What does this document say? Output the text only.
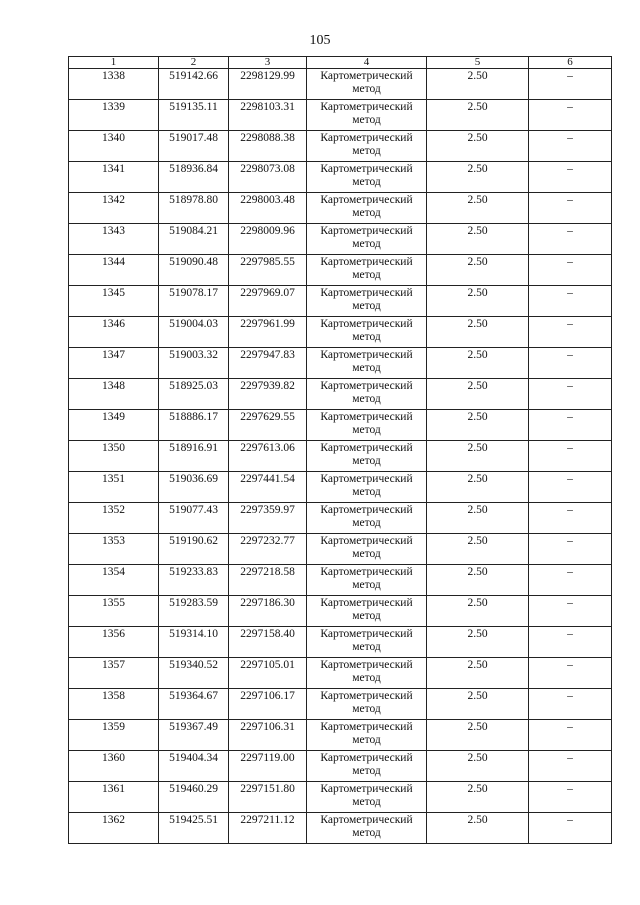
105
1	2	3	4	5	6
1338	519142.66	2298129.99	Картометрический метод	2.50	–
1339	519135.11	2298103.31	Картометрический метод	2.50	–
1340	519017.48	2298088.38	Картометрический метод	2.50	–
1341	518936.84	2298073.08	Картометрический метод	2.50	–
1342	518978.80	2298003.48	Картометрический метод	2.50	–
1343	519084.21	2298009.96	Картометрический метод	2.50	–
1344	519090.48	2297985.55	Картометрический метод	2.50	–
1345	519078.17	2297969.07	Картометрический метод	2.50	–
1346	519004.03	2297961.99	Картометрический метод	2.50	–
1347	519003.32	2297947.83	Картометрический метод	2.50	–
1348	518925.03	2297939.82	Картометрический метод	2.50	–
1349	518886.17	2297629.55	Картометрический метод	2.50	–
1350	518916.91	2297613.06	Картометрический метод	2.50	–
1351	519036.69	2297441.54	Картометрический метод	2.50	–
1352	519077.43	2297359.97	Картометрический метод	2.50	–
1353	519190.62	2297232.77	Картометрический метод	2.50	–
1354	519233.83	2297218.58	Картометрический метод	2.50	–
1355	519283.59	2297186.30	Картометрический метод	2.50	–
1356	519314.10	2297158.40	Картометрический метод	2.50	–
1357	519340.52	2297105.01	Картометрический метод	2.50	–
1358	519364.67	2297106.17	Картометрический метод	2.50	–
1359	519367.49	2297106.31	Картометрический метод	2.50	–
1360	519404.34	2297119.00	Картометрический метод	2.50	–
1361	519460.29	2297151.80	Картометрический метод	2.50	–
1362	519425.51	2297211.12	Картометрический метод	2.50	–
